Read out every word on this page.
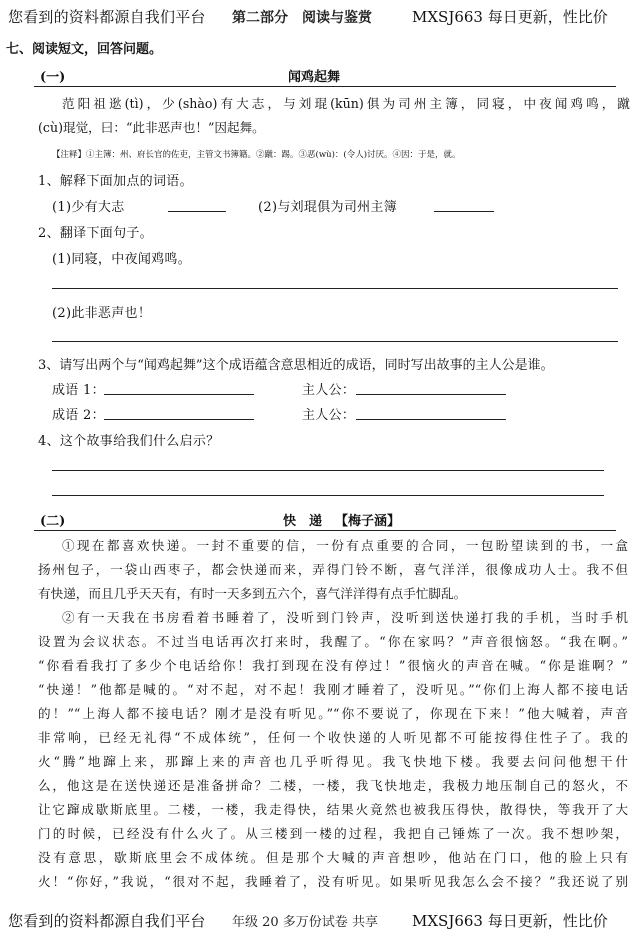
您看到的资料都源自我们平台 第二部分　阅读与鉴赏	MXSJ663 每日更新，性比价
七、阅读短文，回答问题。
(一)	闻鸡起舞
范阳祖逖(tì)，少(shào)有大志，与刘琨(kūn)俱为司州主簿，同寝，中夜闻鸡鸣，蹴
(cù)琨觉，曰：“此非恶声也！”因起舞。
【注释】①主簿：州、府长官的佐吏，主管文书簿籍。②蹴：踢。③恶(wù)：(令人)讨厌。④因：于是，就。
1、解释下面加点的词语。
(1)少有大志	(2)与刘琨俱为司州主簿
2、翻译下面句子。
(1)同寝，中夜闻鸡鸣。
(2)此非恶声也！
3、请写出两个与“闻鸡起舞”这个成语蕴含意思相近的成语，同时写出故事的主人公是谁。
成语 1：	主人公：
成语 2：	主人公：
4、这个故事给我们什么启示？
(二)	快　递 【梅子涵】
①现在都喜欢快递。一封不重要的信，一份有点重要的合同，一包盼望读到的书，一盒
扬州包子，一袋山西枣子，都会快递而来，弄得门铃不断，喜气洋洋，很像成功人士。我不但
有快递，而且几乎天天有，有时一天多到五六个，喜气洋洋得有点手忙脚乱。
②有一天我在书房看着书睡着了，没听到门铃声，没听到送快递打我的手机，当时手机
设置为会议状态。不过当电话再次打来时，我醒了。“你在家吗？”声音很恼怒。“我在啊。”
“你看看我打了多少个电话给你！我打到现在没有停过！”很恼火的声音在喊。“你是谁啊？”
“快递！”他都是喊的。“对不起，对不起！我刚才睡着了，没听见。”“你们上海人都不接电话
的！”“上海人都不接电话？刚才是没有听见。”“你不要说了，你现在下来！”他大喊着，声音
非常响，已经无礼得“不成体统”，任何一个收快递的人听见都不可能按得住性子了。我的
火“腾”地蹿上来，那蹿上来的声音也几乎听得见。我飞快地下楼。我要去问问他想干什
么，他这是在送快递还是准备拼命？二楼，一楼，我飞快地走，我极力地压制自己的怒火，不
让它蹿成歇斯底里。二楼，一楼，我走得快，结果火竟然也被我压得快，散得快，等我开了大
门的时候，已经没有什么火了。从三楼到一楼的过程，我把自己锤炼了一次。我不想吵架，
没有意思，歇斯底里会不成体统。但是那个大喊的声音想吵，他站在门口，他的脸上只有
火！“你好，”我说，“很对不起，我睡着了，没有听见。如果听见我怎么会不接？”我还说了别
您看到的资料都源自我们平台 年级 20 多万份试卷 共享 MXSJ663 每日更新，性比价
